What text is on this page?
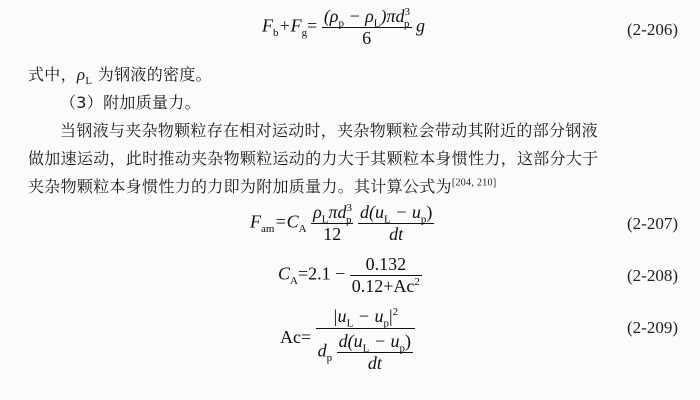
$F_b+F_g= \frac{(\rho_p - \rho_L)\pi d^3_p}{6}$ g	(2-206)
式中，$\rho_L$ 为钢液的密度。
（3）附加质量力。
当钢液与夹杂物颗粒存在相对运动时，夹杂物颗粒会带动其附近的部分钢液
做加速运动，此时推动夹杂物颗粒运动的力大于其颗粒本身惯性力，这部分大于
夹杂物颗粒本身惯性力的力即为附加质量力。其计算公式为[204, 210]
$F_{am}=C_A \frac{\rho_L\pi d^3_p}{12}$
$\frac{d(u_L - u_p)}{dt}$	(2-207)
$C_A=2.1 - \frac{0.132}{0.12+Ac^2}$	(2-208)
$Ac= \frac{|u_L - u_p|^2}{d_p \frac{d(u_L - u_p)}{dt}}$	(2-209)
